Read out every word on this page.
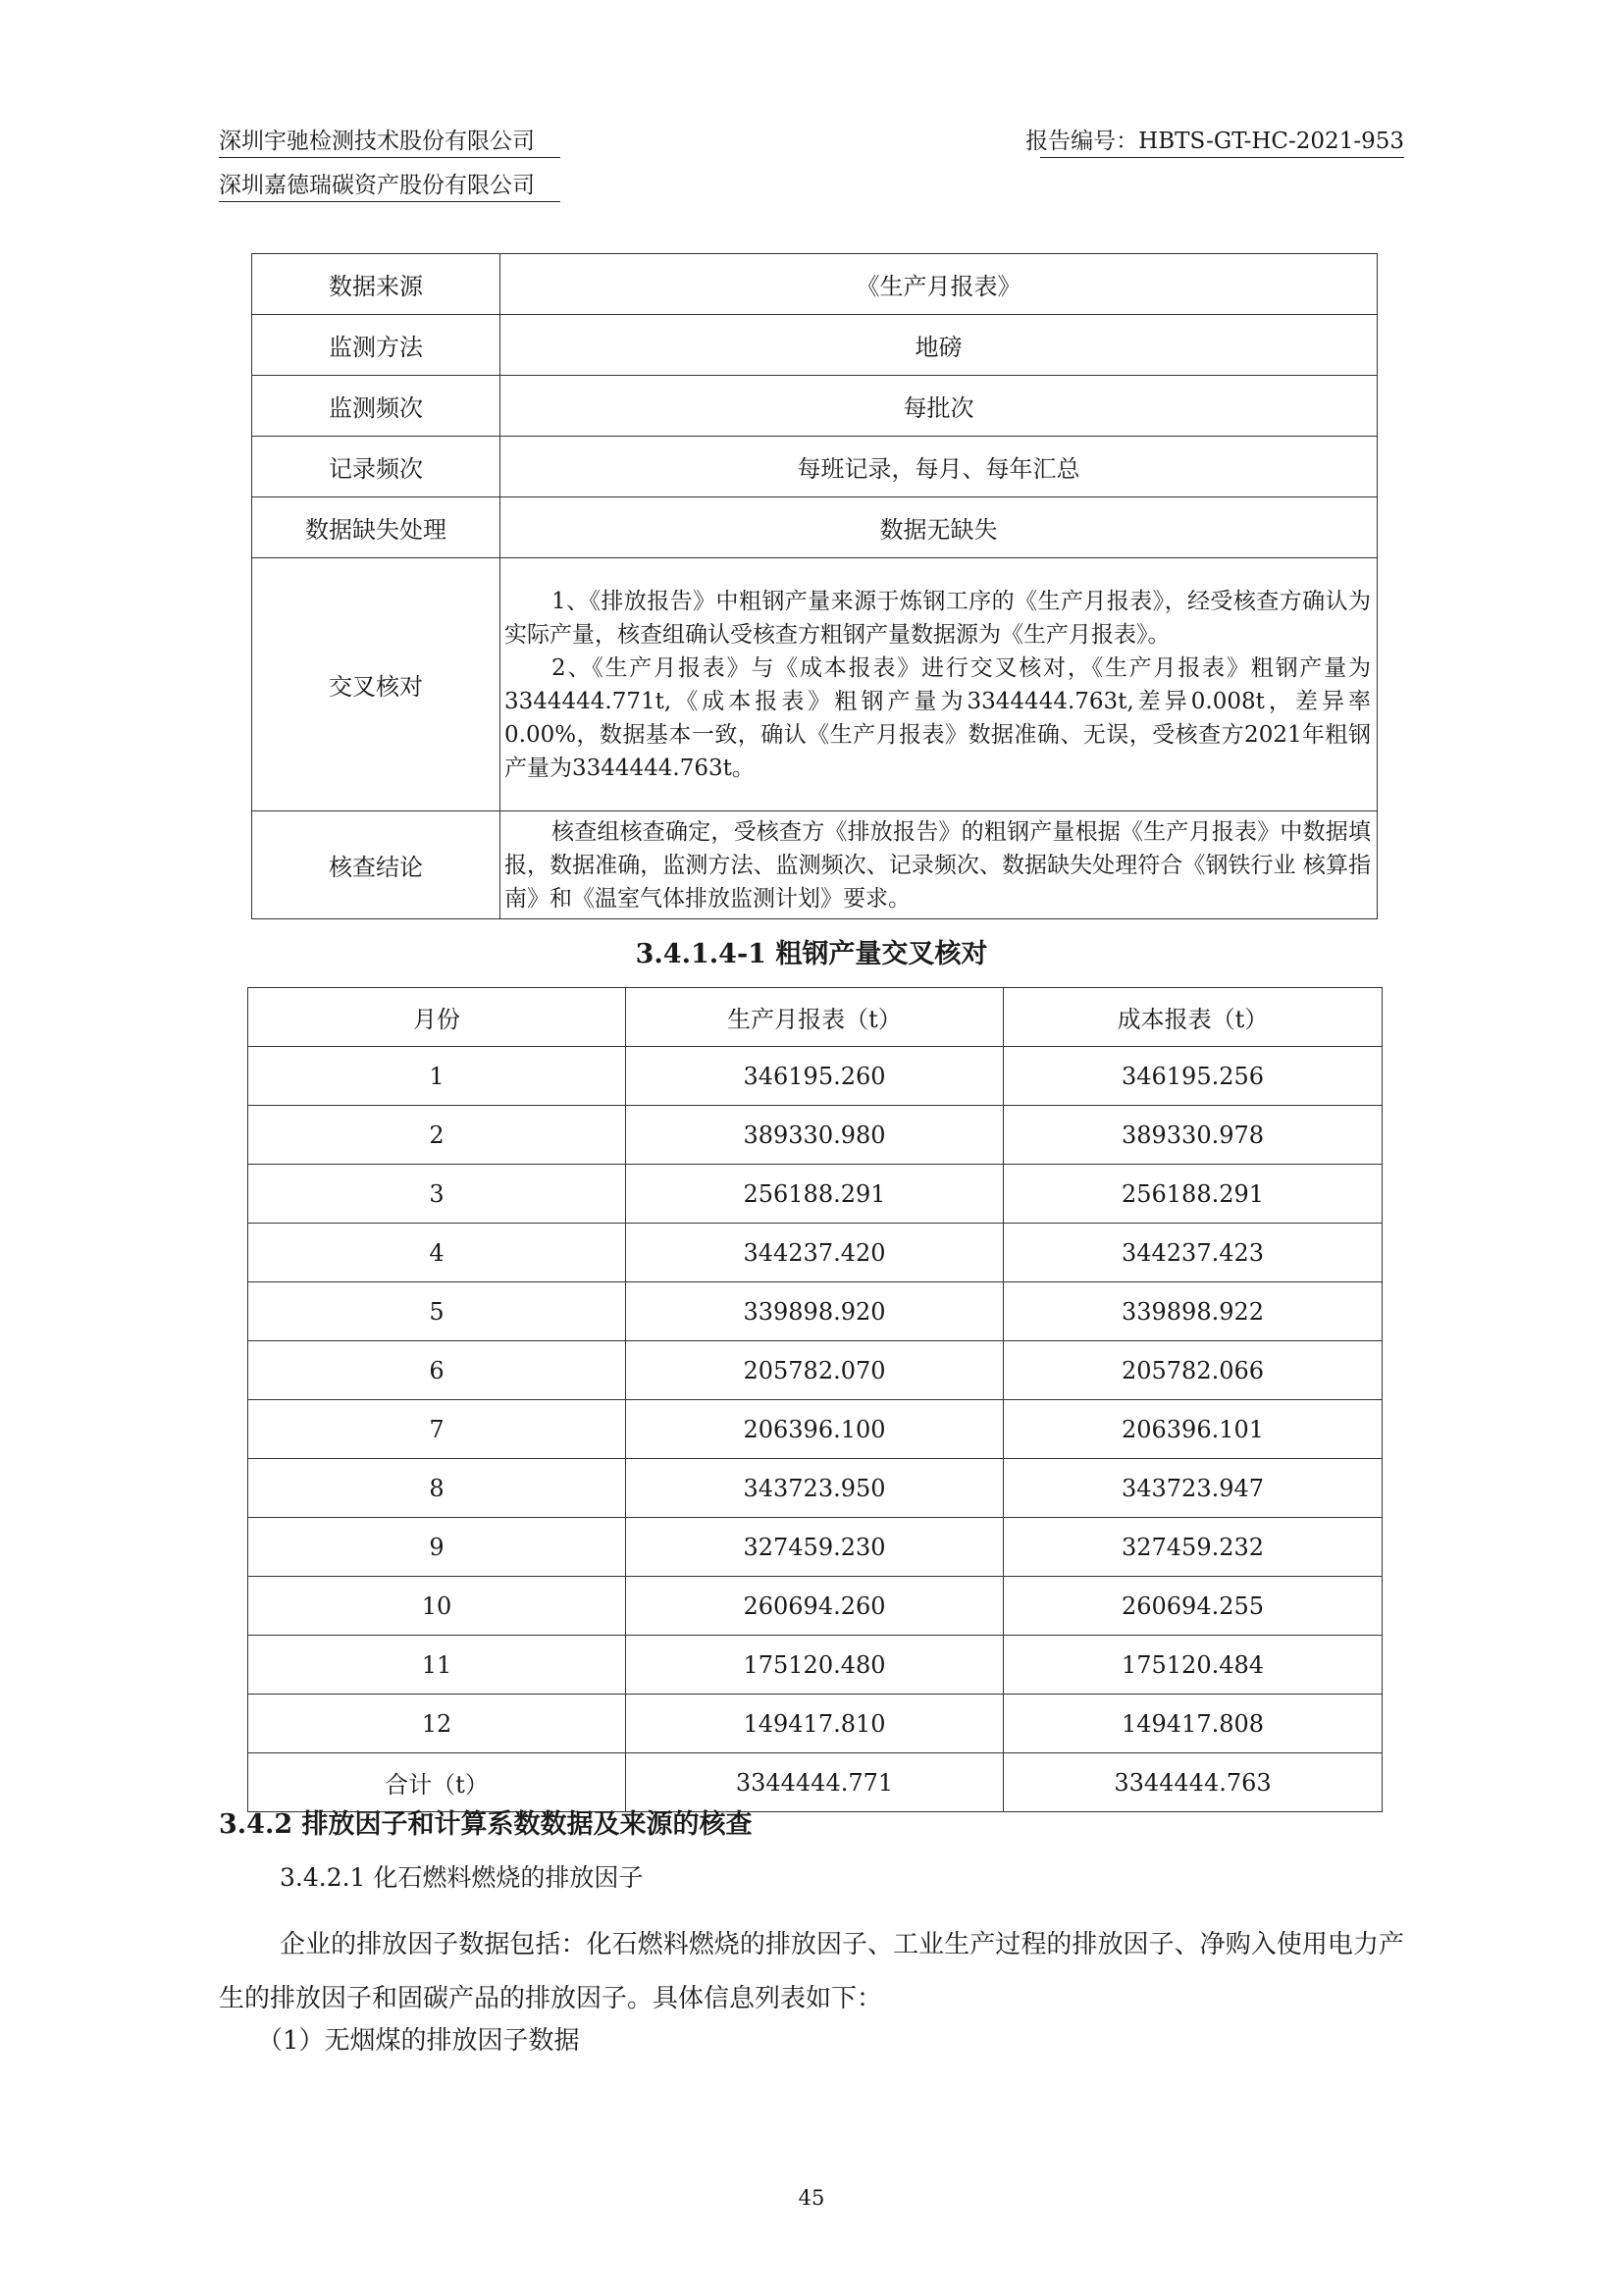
深圳宇驰检测技术股份有限公司
深圳嘉德瑞碳资产股份有限公司
报告编号：HBTS-GT-HC-2021-953
数据来源	《生产月报表》
监测方法	地磅
监测频次	每批次
记录频次	每班记录，每月、每年汇总
数据缺失处理	数据无缺失
交叉核对	1、《排放报告》中粗钢产量来源于炼钢工序的《生产月报表》，经受核查方确认为实际产量，核查组确认受核查方粗钢产量数据源为《生产月报表》。

2、《生产月报表》与《成本报表》进行交叉核对，《生产月报表》粗钢产量为3344444.771t,《成本报表》粗钢产量为3344444.763t,差异0.008t，差异率0.00%，数据基本一致，确认《生产月报表》数据准确、无误，受核查方2021年粗钢产量为3344444.763t。

核查结论	核查组核查确定，受核查方《排放报告》的粗钢产量根据《生产月报表》中数据填报，数据准确，监测方法、监测频次、记录频次、数据缺失处理符合《钢铁行业 核算指南》和《温室气体排放监测计划》要求。

3.4.1.4-1 粗钢产量交叉核对
月份	生产月报表（t）	成本报表（t）
1	346195.260	346195.256
2	389330.980	389330.978
3	256188.291	256188.291
4	344237.420	344237.423
5	339898.920	339898.922
6	205782.070	205782.066
7	206396.100	206396.101
8	343723.950	343723.947
9	327459.230	327459.232
10	260694.260	260694.255
11	175120.480	175120.484
12	149417.810	149417.808
合计（t）	3344444.771	3344444.763
3.4.2 排放因子和计算系数数据及来源的核查
3.4.2.1 化石燃料燃烧的排放因子

企业的排放因子数据包括：化石燃料燃烧的排放因子、工业生产过程的排放因子、净购入使用电力产生的排放因子和固碳产品的排放因子。具体信息列表如下：

（1）无烟煤的排放因子数据
45
